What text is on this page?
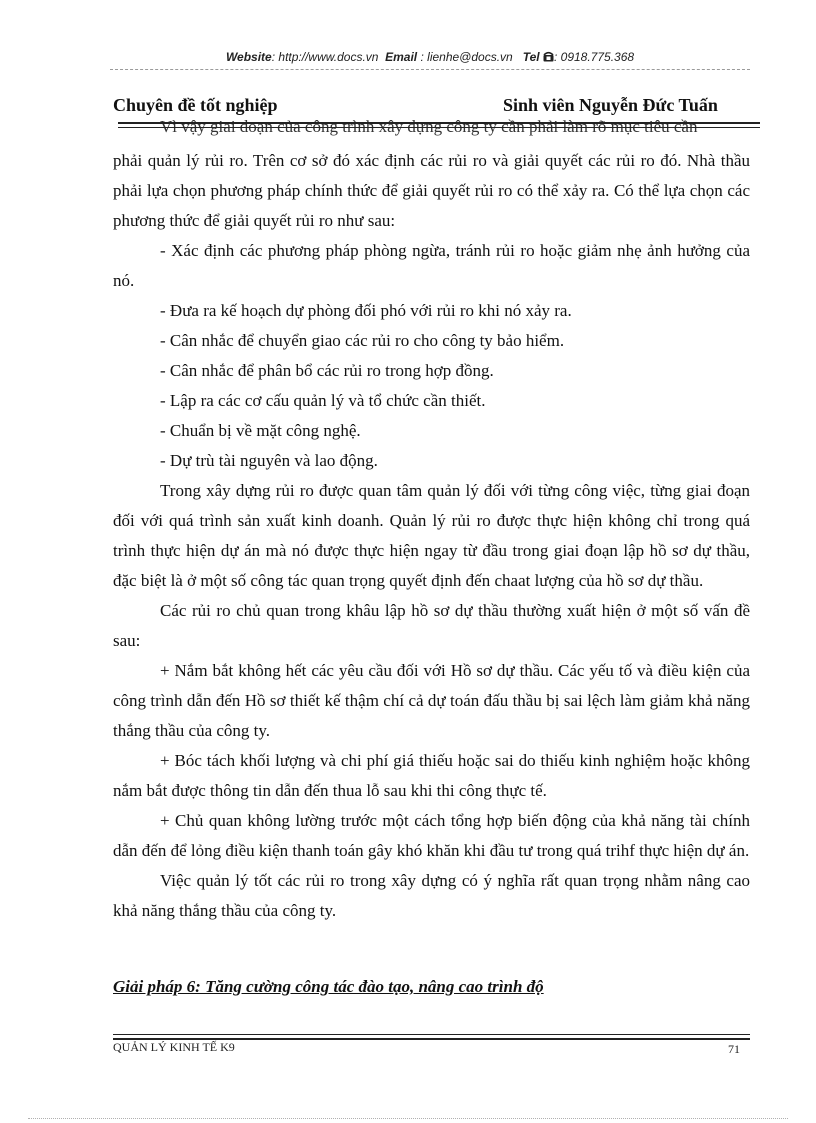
Website: http://www.docs.vn Email : lienhe@docs.vn Tel : 0918.775.368
Chuyên đề tốt nghiệp	Sinh viên Nguyễn Đức Tuấn
Vì vậy giai đoạn của công trình xây dựng công ty cần phải làm rõ mục tiêu cần

phải quản lý rủi ro. Trên cơ sở đó xác định các rủi ro và giải quyết các rủi ro đó. Nhà thầu phải lựa chọn phương pháp chính thức để giải quyết rủi ro có thể xảy ra. Có thể lựa chọn các phương thức để giải quyết rủi ro như sau:

- Xác định các phương pháp phòng ngừa, tránh rủi ro hoặc giảm nhẹ ảnh hưởng của nó.

- Đưa ra kế hoạch dự phòng đối phó với rủi ro khi nó xảy ra.

- Cân nhắc để chuyển giao các rủi ro cho công ty bảo hiểm.

- Cân nhắc để phân bổ các rủi ro trong hợp đồng.

- Lập ra các cơ cấu quản lý và tổ chức cần thiết.

- Chuẩn bị về mặt công nghệ.

- Dự trù tài nguyên và lao động.

Trong xây dựng rủi ro được quan tâm quản lý đối với từng công việc, từng giai đoạn đối với quá trình sản xuất kinh doanh. Quản lý rủi ro được thực hiện không chỉ trong quá trình thực hiện dự án mà nó được thực hiện ngay từ đầu trong giai đoạn lập hồ sơ dự thầu, đặc biệt là ở một số công tác quan trọng quyết định đến chaat lượng của hồ sơ dự thầu.

Các rủi ro chủ quan trong khâu lập hồ sơ dự thầu thường xuất hiện ở một số vấn đề sau:

+ Nắm bắt không hết các yêu cầu đối với Hồ sơ dự thầu. Các yếu tố và điều kiện của công trình dẫn đến Hồ sơ thiết kế thậm chí cả dự toán đấu thầu bị sai lệch làm giảm khả năng thắng thầu của công ty.

+ Bóc tách khối lượng và chi phí giá thiếu hoặc sai do thiếu kinh nghiệm hoặc không nắm bắt được thông tin dẫn đến thua lỗ sau khi thi công thực tế.

+ Chủ quan không lường trước một cách tổng hợp biến động của khả năng tài chính dẫn đến để lỏng điều kiện thanh toán gây khó khăn khi đầu tư trong quá trihf thực hiện dự án.

Việc quản lý tốt các rủi ro trong xây dựng có ý nghĩa rất quan trọng nhằm nâng cao khả năng thắng thầu của công ty.

Giải pháp 6: Tăng cường công tác đào tạo, nâng cao trình độ
QUẢN LÝ KINH TẾ K9	71
